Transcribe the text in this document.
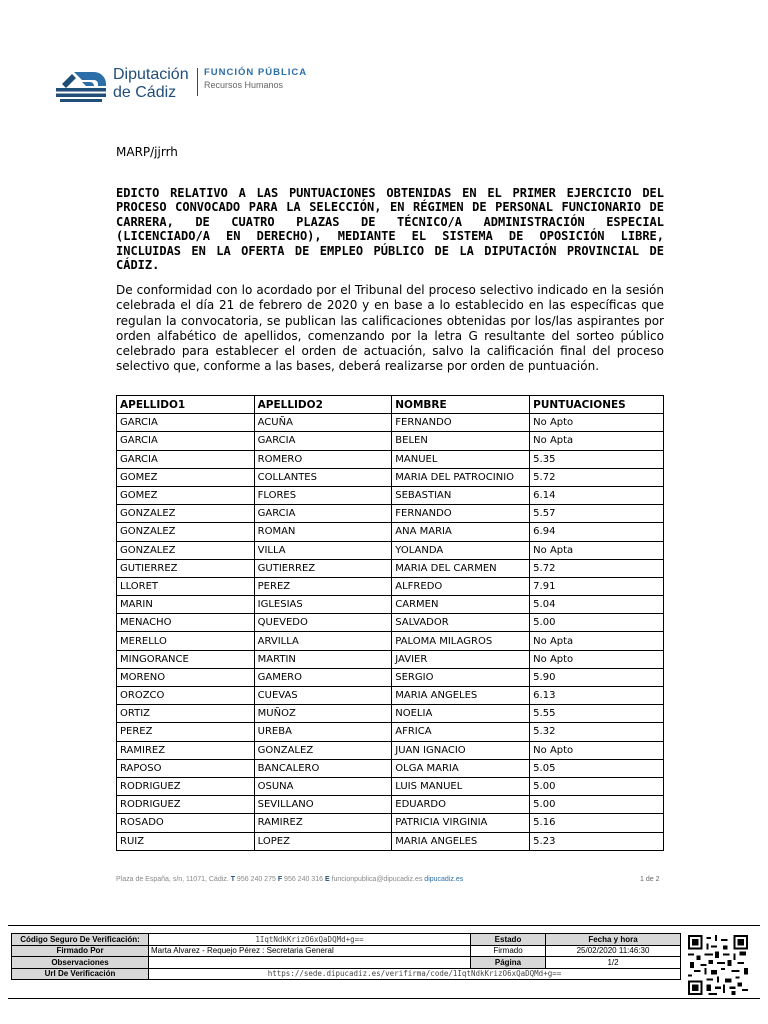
Diputación
de Cádiz
FUNCIÓN PÚBLICA
Recursos Humanos
MARP/jjrrh
EDICTO RELATIVO A LAS PUNTUACIONES OBTENIDAS EN EL PRIMER EJERCICIO DEL PROCESO CONVOCADO PARA LA SELECCIÓN, EN RÉGIMEN DE PERSONAL FUNCIONARIO DE CARRERA, DE CUATRO PLAZAS DE TÉCNICO/A ADMINISTRACIÓN ESPECIAL (LICENCIADO/A EN DERECHO), MEDIANTE EL SISTEMA DE OPOSICIÓN LIBRE, INCLUIDAS EN LA OFERTA DE EMPLEO PÚBLICO DE LA DIPUTACIÓN PROVINCIAL DE CÁDIZ.
De conformidad con lo acordado por el Tribunal del proceso selectivo indicado en la sesión celebrada el día 21 de febrero de 2020 y en base a lo establecido en las específicas que regulan la convocatoria, se publican las calificaciones obtenidas por los/las aspirantes por orden alfabético de apellidos, comenzando por la letra G resultante del sorteo público celebrado para establecer el orden de actuación, salvo la calificación final del proceso selectivo que, conforme a las bases, deberá realizarse por orden de puntuación.
APELLIDO1	APELLIDO2	NOMBRE	PUNTUACIONES
GARCIA	ACUÑA	FERNANDO	No Apto
GARCIA	GARCIA	BELEN	No Apta
GARCIA	ROMERO	MANUEL	5.35
GOMEZ	COLLANTES	MARIA DEL PATROCINIO	5.72
GOMEZ	FLORES	SEBASTIAN	6.14
GONZALEZ	GARCIA	FERNANDO	5.57
GONZALEZ	ROMAN	ANA MARIA	6.94
GONZALEZ	VILLA	YOLANDA	No Apta
GUTIERREZ	GUTIERREZ	MARIA DEL CARMEN	5.72
LLORET	PEREZ	ALFREDO	7.91
MARIN	IGLESIAS	CARMEN	5.04
MENACHO	QUEVEDO	SALVADOR	5.00
MERELLO	ARVILLA	PALOMA MILAGROS	No Apta
MINGORANCE	MARTIN	JAVIER	No Apto
MORENO	GAMERO	SERGIO	5.90
OROZCO	CUEVAS	MARIA ANGELES	6.13
ORTIZ	MUÑOZ	NOELIA	5.55
PEREZ	UREBA	AFRICA	5.32
RAMIREZ	GONZALEZ	JUAN IGNACIO	No Apto
RAPOSO	BANCALERO	OLGA MARIA	5.05
RODRIGUEZ	OSUNA	LUIS MANUEL	5.00
RODRIGUEZ	SEVILLANO	EDUARDO	5.00
ROSADO	RAMIREZ	PATRICIA VIRGINIA	5.16
RUIZ	LOPEZ	MARIA ANGELES	5.23
Plaza de España, s/n, 11071, Cádiz. T 956 240 275 F 956 240 316 E funcionpublica@dipucadiz.es dipucadiz.es	1 de 2
Código Seguro De Verificación:	1IqtNdkKrizO6xQaDQMd+g==	Estado	Fecha y hora
Firmado Por	Marta Alvarez - Requejo Pérez : Secretaria General	Firmado	25/02/2020 11:46:30
Observaciones		Página	1/2
Url De Verificación	https://sede.dipucadiz.es/verifirma/code/1IqtNdkKrizO6xQaDQMd+g==		
